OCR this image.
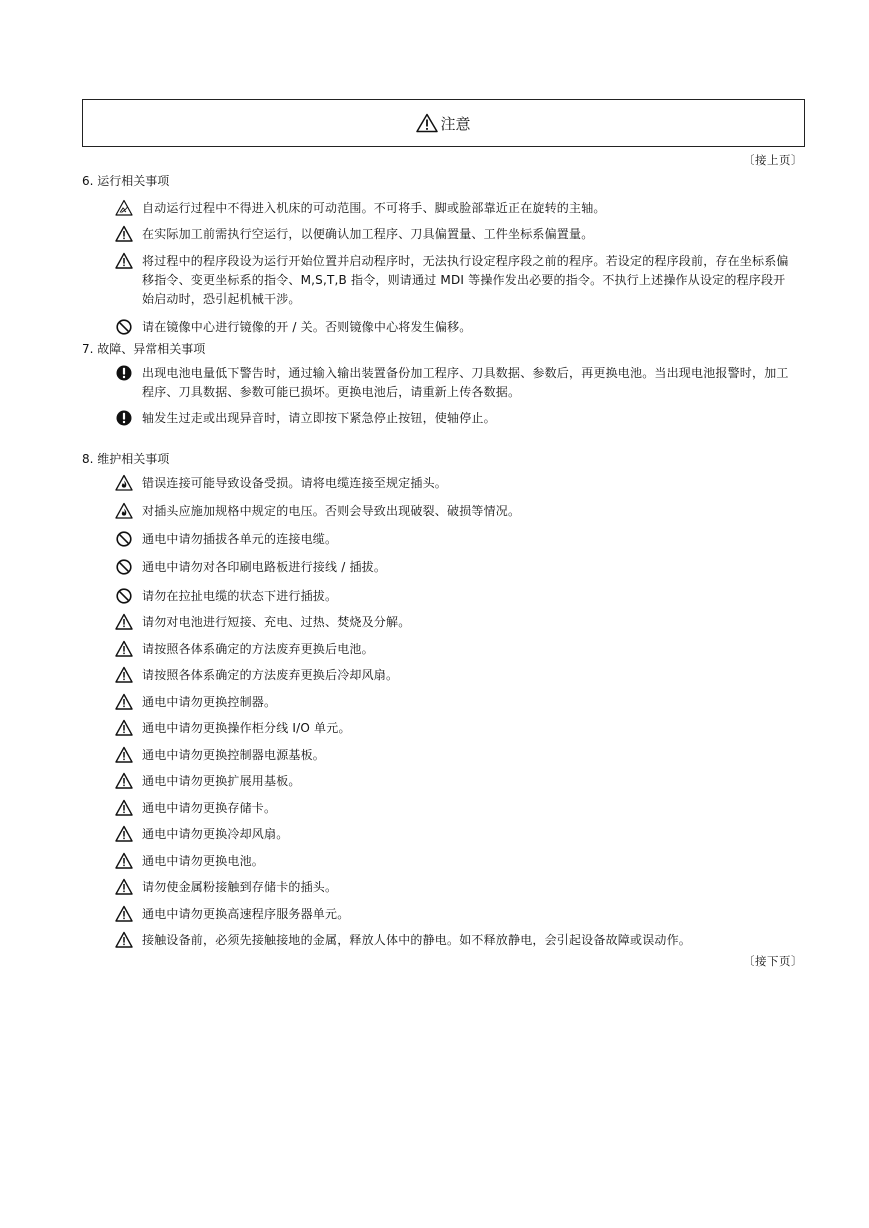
注意
〔接上页〕
6. 运行相关事项
自动运行过程中不得进入机床的可动范围。不可将手、脚或脸部靠近正在旋转的主轴。
在实际加工前需执行空运行，以便确认加工程序、刀具偏置量、工件坐标系偏置量。
将过程中的程序段设为运行开始位置并启动程序时，无法执行设定程序段之前的程序。若设定的程序段前，存在坐标系偏移指令、变更坐标系的指令、M,S,T,B 指令，则请通过 MDI 等操作发出必要的指令。不执行上述操作从设定的程序段开始启动时，恐引起机械干涉。
请在镜像中心进行镜像的开 / 关。否则镜像中心将发生偏移。
7. 故障、异常相关事项
出现电池电量低下警告时，通过输入输出装置备份加工程序、刀具数据、参数后，再更换电池。当出现电池报警时，加工程序、刀具数据、参数可能已损坏。更换电池后，请重新上传各数据。
轴发生过走或出现异音时，请立即按下紧急停止按钮，使轴停止。
8. 维护相关事项
错误连接可能导致设备受损。请将电缆连接至规定插头。
对插头应施加规格中规定的电压。否则会导致出现破裂、破损等情况。
通电中请勿插拔各单元的连接电缆。
通电中请勿对各印刷电路板进行接线 / 插拔。
请勿在拉扯电缆的状态下进行插拔。
请勿对电池进行短接、充电、过热、焚烧及分解。
请按照各体系确定的方法废弃更换后电池。
请按照各体系确定的方法废弃更换后冷却风扇。
通电中请勿更换控制器。
通电中请勿更换操作柜分线 I/O 单元。
通电中请勿更换控制器电源基板。
通电中请勿更换扩展用基板。
通电中请勿更换存储卡。
通电中请勿更换冷却风扇。
通电中请勿更换电池。
请勿使金属粉接触到存储卡的插头。
通电中请勿更换高速程序服务器单元。
接触设备前，必须先接触接地的金属，释放人体中的静电。如不释放静电，会引起设备故障或误动作。
〔接下页〕
